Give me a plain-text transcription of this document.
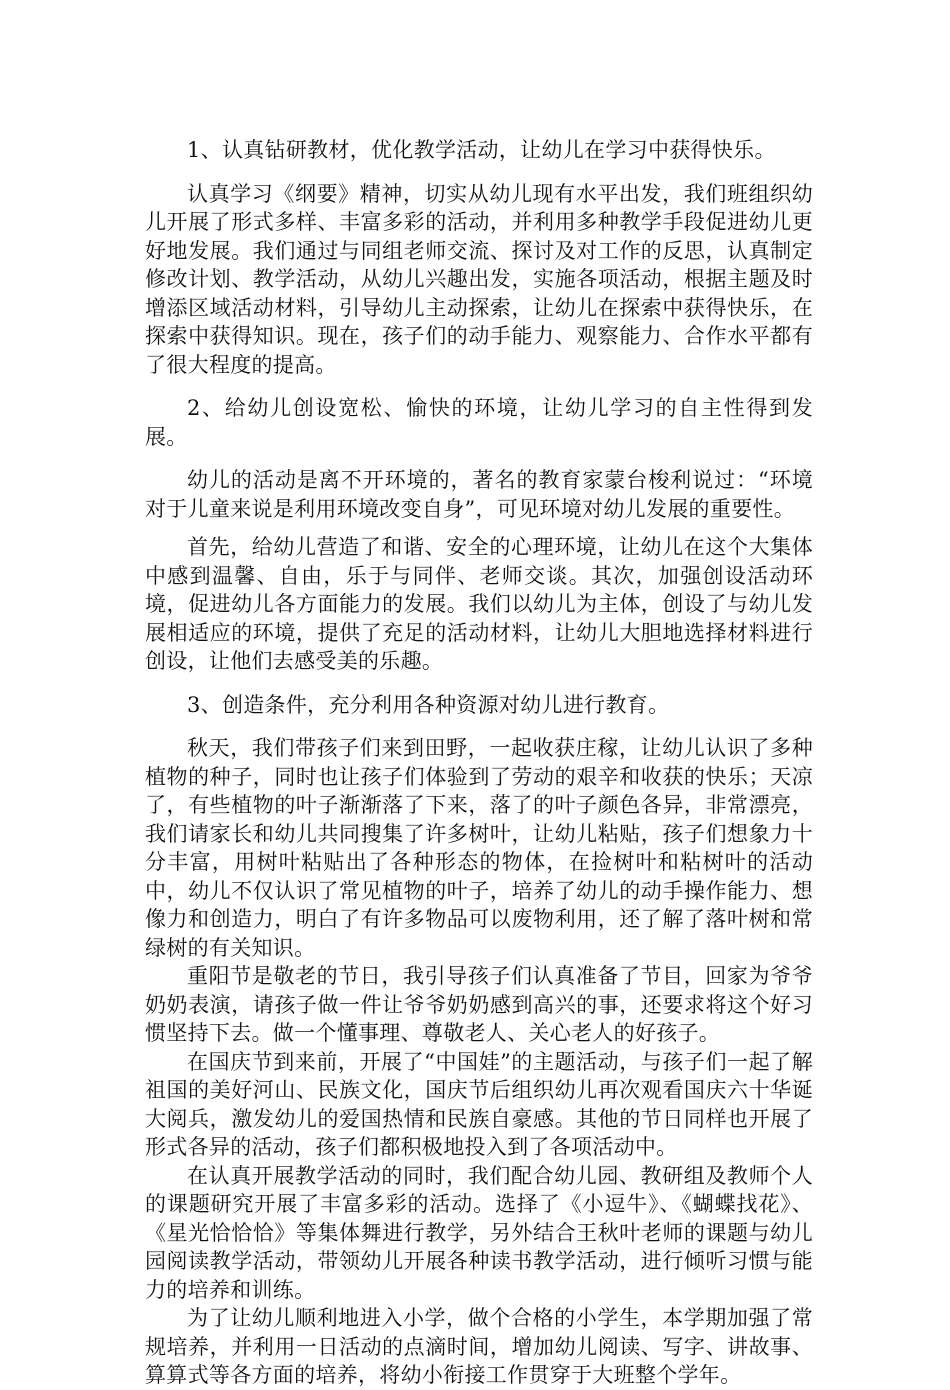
1、认真钻研教材，优化教学活动，让幼儿在学习中获得快乐。

认真学习《纲要》精神，切实从幼儿现有水平出发，我们班组织幼儿开展了形式多样、丰富多彩的活动，并利用多种教学手段促进幼儿更好地发展。我们通过与同组老师交流、探讨及对工作的反思，认真制定修改计划、教学活动，从幼儿兴趣出发，实施各项活动，根据主题及时增添区域活动材料，引导幼儿主动探索，让幼儿在探索中获得快乐，在探索中获得知识。现在，孩子们的动手能力、观察能力、合作水平都有了很大程度的提高。

2、给幼儿创设宽松、愉快的环境，让幼儿学习的自主性得到发展。

幼儿的活动是离不开环境的，著名的教育家蒙台梭利说过：“环境对于儿童来说是利用环境改变自身”，可见环境对幼儿发展的重要性。

首先，给幼儿营造了和谐、安全的心理环境，让幼儿在这个大集体中感到温馨、自由，乐于与同伴、老师交谈。其次，加强创设活动环境，促进幼儿各方面能力的发展。我们以幼儿为主体，创设了与幼儿发展相适应的环境，提供了充足的活动材料，让幼儿大胆地选择材料进行创设，让他们去感受美的乐趣。

3、创造条件，充分利用各种资源对幼儿进行教育。

秋天，我们带孩子们来到田野，一起收获庄稼，让幼儿认识了多种植物的种子，同时也让孩子们体验到了劳动的艰辛和收获的快乐；天凉了，有些植物的叶子渐渐落了下来，落了的叶子颜色各异，非常漂亮，我们请家长和幼儿共同搜集了许多树叶，让幼儿粘贴，孩子们想象力十分丰富，用树叶粘贴出了各种形态的物体，在捡树叶和粘树叶的活动中，幼儿不仅认识了常见植物的叶子，培养了幼儿的动手操作能力、想像力和创造力，明白了有许多物品可以废物利用，还了解了落叶树和常绿树的有关知识。

重阳节是敬老的节日，我引导孩子们认真准备了节目，回家为爷爷奶奶表演，请孩子做一件让爷爷奶奶感到高兴的事，还要求将这个好习惯坚持下去。做一个懂事理、尊敬老人、关心老人的好孩子。

在国庆节到来前，开展了“中国娃”的主题活动，与孩子们一起了解祖国的美好河山、民族文化，国庆节后组织幼儿再次观看国庆六十华诞大阅兵，激发幼儿的爱国热情和民族自豪感。其他的节日同样也开展了形式各异的活动，孩子们都积极地投入到了各项活动中。

在认真开展教学活动的同时，我们配合幼儿园、教研组及教师个人的课题研究开展了丰富多彩的活动。选择了《小逗牛》、《蝴蝶找花》、《星光恰恰恰》等集体舞进行教学，另外结合王秋叶老师的课题与幼儿园阅读教学活动，带领幼儿开展各种读书教学活动，进行倾听习惯与能力的培养和训练。

为了让幼儿顺利地进入小学，做个合格的小学生，本学期加强了常规培养，并利用一日活动的点滴时间，增加幼儿阅读、写字、讲故事、算算式等各方面的培养，将幼小衔接工作贯穿于大班整个学年。
